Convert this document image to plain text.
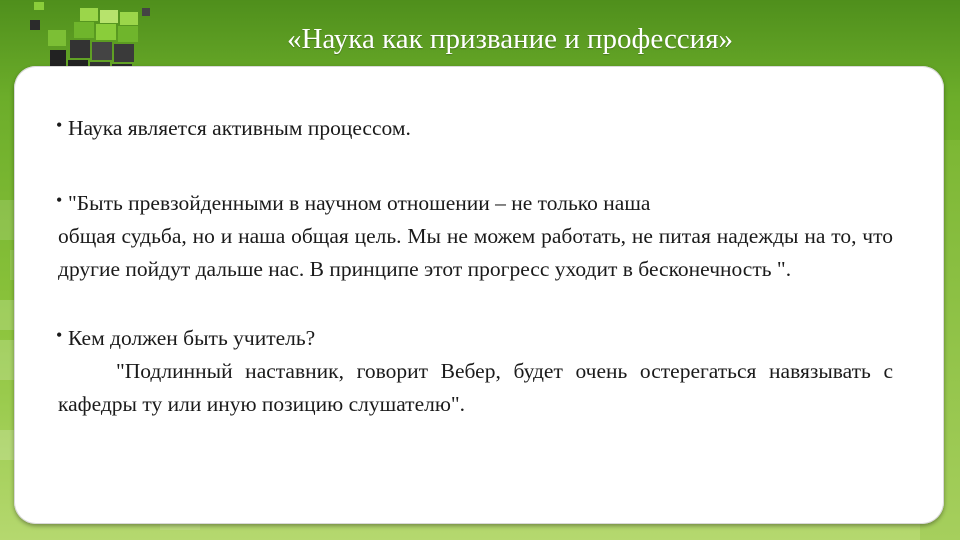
«Наука как призвание и профессия»

• Наука является активным процессом.

• "Быть превзойденными в научном отношении – не только наша

общая судьба, но и наша общая цель. Мы не можем работать, не питая надежды на то, что другие пойдут дальше нас. В принципе этот прогресс уходит в бесконечность ".

• Кем должен быть учитель?

"Подлинный наставник, говорит Вебер, будет очень остерегаться навязывать с кафедры ту или иную позицию слушателю".
